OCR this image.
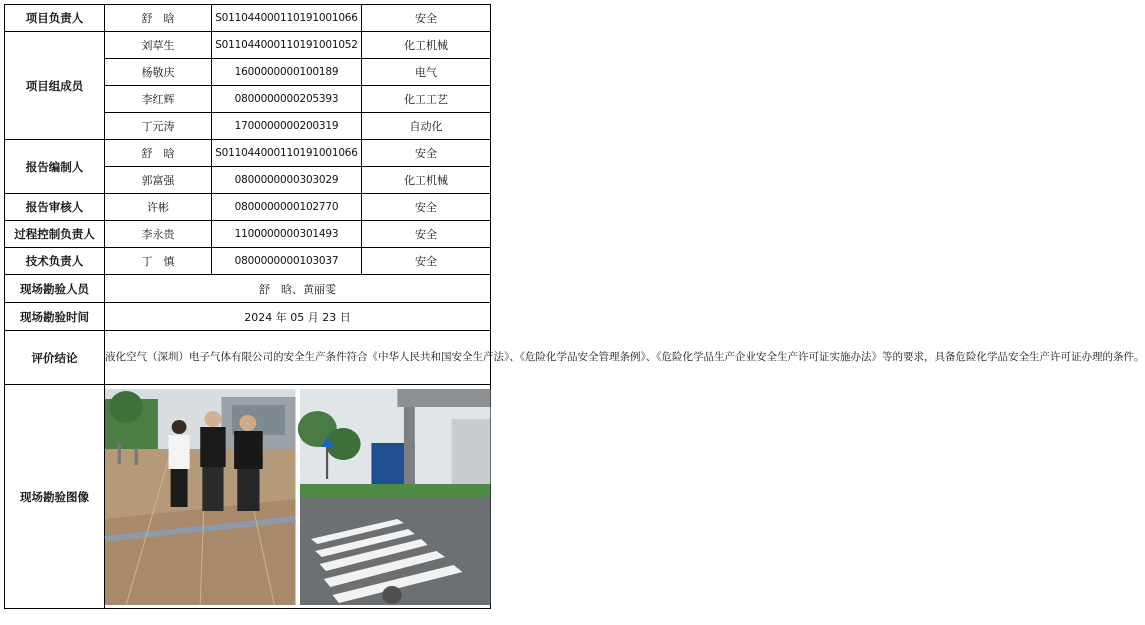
项目负责人	舒　晗	S011044000110191001066	安全
项目组成员	刘草生	S011044000110191001052	化工机械
	杨敬庆	1600000000100189	电气
	李红辉	0800000000205393	化工工艺
	丁元涛	1700000000200319	自动化
报告编制人	舒　晗	S011044000110191001066	安全
	郭富强	0800000000303029	化工机械
报告审核人	许彬	0800000000102770	安全
过程控制负责人	李永贵	1100000000301493	安全
技术负责人	丁　慎	0800000000103037	安全
现场勘验人员	舒　晗、黄丽雯		
现场勘验时间	2024 年 05 月 23 日		
评价结论	液化空气（深圳）电子气体有限公司的安全生产条件符合《中华人民共和国安全生产法》、《危险化学品安全管理条例》、《危险化学品生产企业安全生产许可证实施办法》等的要求，具备危险化学品安全生产许可证办理的条件。		
现场勘验图像	
